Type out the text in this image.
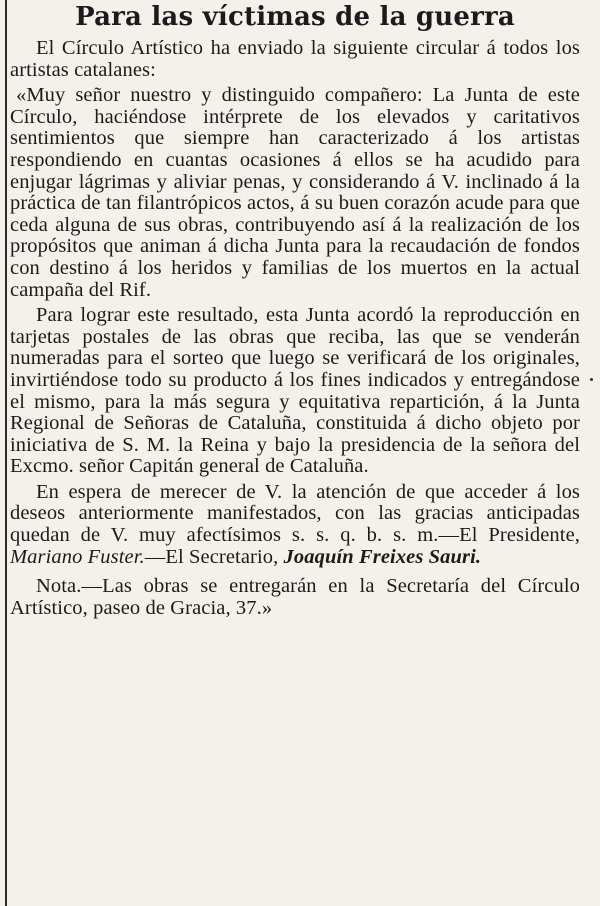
Para las víctimas de la guerra

El Círculo Artístico ha enviado la siguiente circular á todos los artistas catalanes:

«Muy señor nuestro y distinguido compañero: La Junta de este Círculo, haciéndose intérprete de los elevados y caritativos sentimientos que siempre han caracterizado á los artistas respondiendo en cuantas ocasiones á ellos se ha acudido para enjugar lágrimas y aliviar penas, y considerando á V. inclinado á la práctica de tan filantrópicos actos, á su buen corazón acude para que ceda alguna de sus obras, contribuyendo así á la realización de los propósitos que animan á dicha Junta para la recaudación de fondos con destino á los heridos y familias de los muertos en la actual campaña del Rif.

Para lograr este resultado, esta Junta acordó la reproducción en tarjetas postales de las obras que reciba, las que se venderán numeradas para el sorteo que luego se verificará de los originales, invirtiéndose todo su producto á los fines indicados y entregándose el mismo, para la más segura y equitativa repartición, á la Junta Regional de Señoras de Cataluña, constituida á dicho objeto por iniciativa de S. M. la Reina y bajo la presidencia de la señora del Excmo. señor Capitán general de Cataluña.

En espera de merecer de V. la atención de que acceder á los deseos anteriormente manifestados, con las gracias anticipadas quedan de V. muy afectísimos s. s. q. b. s. m.—El Presidente, Mariano Fuster.—El Secretario, Joaquín Freixes Sauri.

Nota.—Las obras se entregarán en la Secretaría del Círculo Artístico, paseo de Gracia, 37.»
